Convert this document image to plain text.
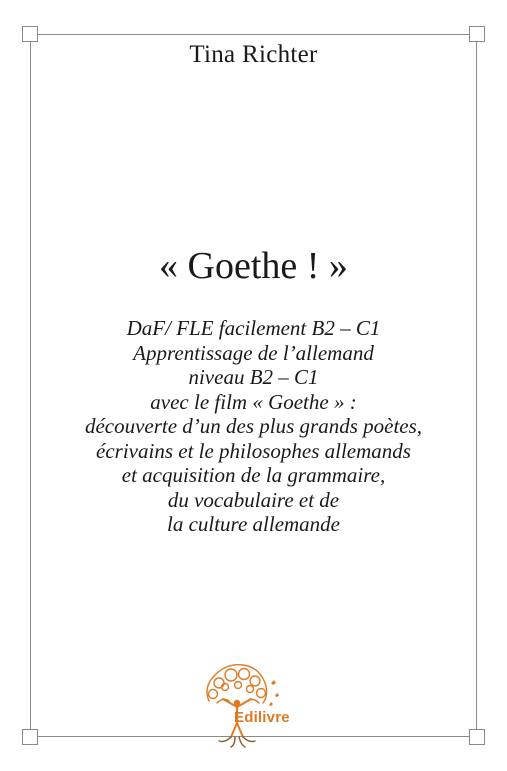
Tina Richter
« Goethe ! »
DaF/ FLE facilement B2 – C1
Apprentissage de l’allemand
niveau B2 – C1
avec le film « Goethe » :
découverte d’un des plus grands poètes,
écrivains et le philosophes allemands
et acquisition de la grammaire,
du vocabulaire et de
la culture allemande
Edilivre
